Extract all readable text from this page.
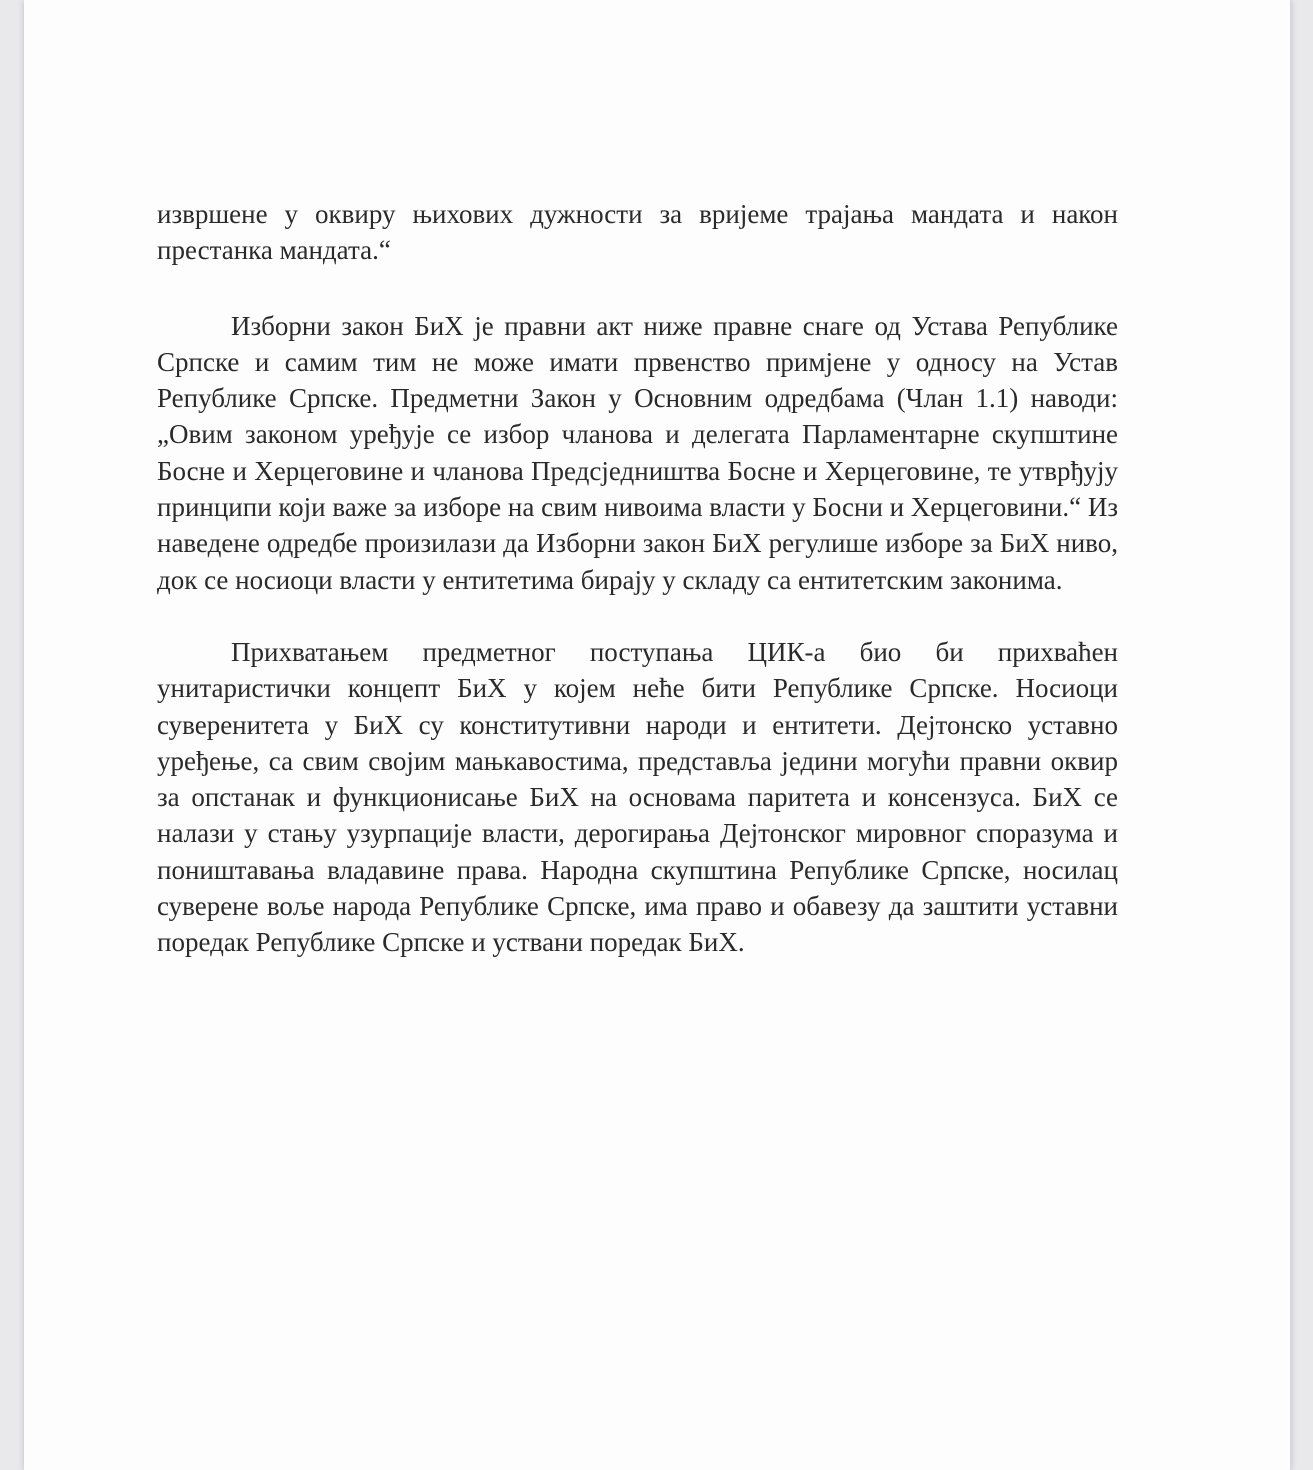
извршене у оквиру њихових дужности за вријеме трајања мандата и након престанка мандата.“

Изборни закон БиХ је правни акт ниже правне снаге од Устава Републике Српске и самим тим не може имати првенство примјене у односу на Устав Републике Српске. Предметни Закон у Основним одредбама (Члан 1.1) наводи: „Овим законом уређује се избор чланова и делегата Парламентарне скупштине Босне и Херцеговине и чланова Предсједништва Босне и Херцеговине, те утврђују принципи који важе за изборе на свим нивоима власти у Босни и Херцеговини.“ Из наведене одредбе произилази да Изборни закон БиХ регулише изборе за БиХ ниво, док се носиоци власти у ентитетима бирају у складу са ентитетским законима.

Прихватањем предметног поступања ЦИК-а био би прихваћен унитаристички концепт БиХ у којем неће бити Републике Српске. Носиоци суверенитета у БиХ су конститутивни народи и ентитети. Дејтонско уставно уређење, са свим својим мањкавостима, представља једини могући правни оквир за опстанак и функционисање БиХ на основама паритета и консензуса. БиХ се налази у стању узурпације власти, дерогирања Дејтонског мировног споразума и поништавања владавине права. Народна скупштина Републике Српске, носилац суверене воље народа Републике Српске, има право и обавезу да заштити уставни поредак Републике Српске и уствани поредак БиХ.
